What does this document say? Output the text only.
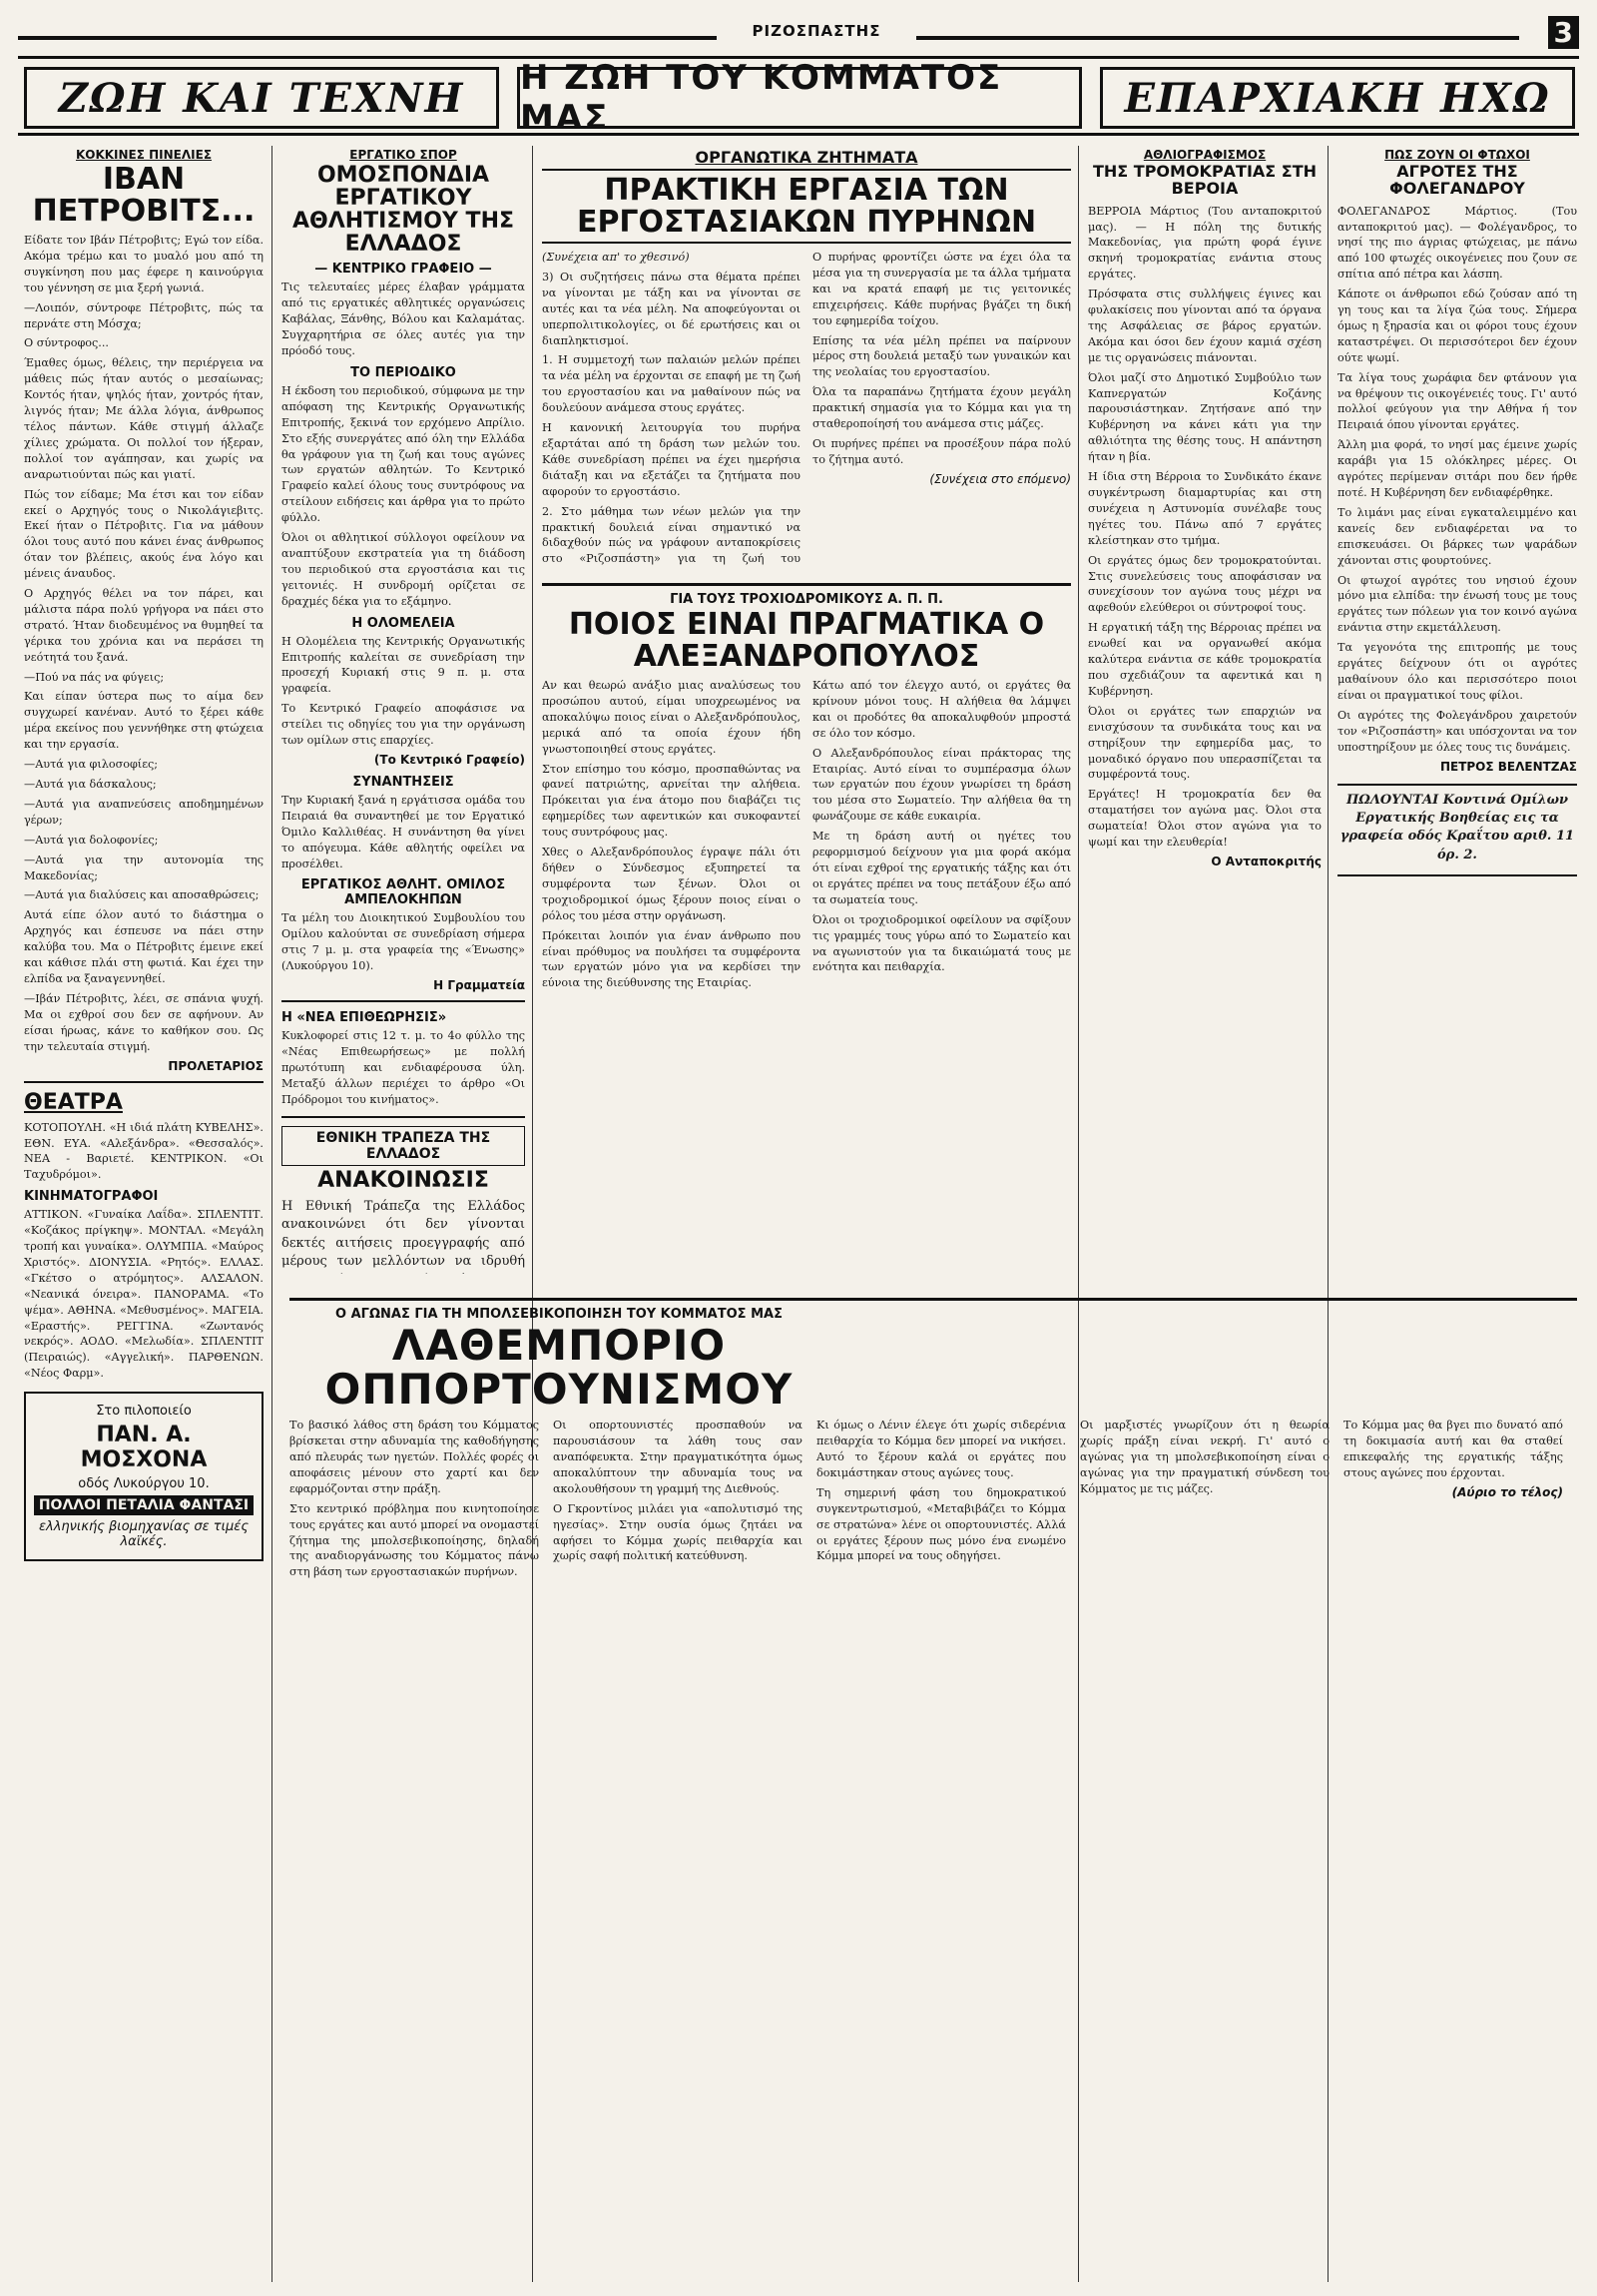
ΡΙΖΟΣΠΑΣΤΗΣ	3
ΖΩΗ ΚΑΙ ΤΕΧΝΗ	Η ΖΩΗ ΤΟΥ ΚΟΜΜΑΤΟΣ ΜΑΣ	ΕΠΑΡΧΙΑΚΗ ΗΧΩ
ΚΟΚΚΙΝΕΣ ΠΙΝΕΛΙΕΣ
ΙΒΑΝ ΠΕΤΡΟΒΙΤΣ...

Είδατε τον Ιβάν Πέτροβιτς; Εγώ τον είδα. Ακόμα τρέμω και το μυαλό μου από τη συγκίνηση που μας έφερε η καινούργια του γέννηση σε μια ξερή γωνιά.

—Λοιπόν, σύντροφε Πέτροβιτς, πώς τα περνάτε στη Μόσχα;

Ο σύντροφος...

Έμαθες όμως, θέλεις, την περιέργεια να μάθεις πώς ήταν αυτός ο μεσαίωνας; Κοντός ήταν, ψηλός ήταν, χοντρός ήταν, λιγνός ήταν; Με άλλα λόγια, άνθρωπος τέλος πάντων. Κάθε στιγμή άλλαζε χίλιες χρώματα. Οι πολλοί τον ήξεραν, πολλοί τον αγάπησαν, και χωρίς να αναρωτιούνται πώς και γιατί.

Πώς τον είδαμε; Μα έτσι και τον είδαν εκεί ο Αρχηγός τους ο Νικολάγιεβιτς. Εκεί ήταν ο Πέτροβιτς. Για να μάθουν όλοι τους αυτό που κάνει ένας άνθρωπος όταν τον βλέπεις, ακούς ένα λόγο και μένεις άναυδος.

Ο Αρχηγός θέλει να τον πάρει, και μάλιστα πάρα πολύ γρήγορα να πάει στο στρατό. Ήταν διοδευμένος να θυμηθεί τα γέρικα του χρόνια και να περάσει τη νεότητά του ξανά.

—Πού να πάς να φύγεις;

Και είπαν ύστερα πως το αίμα δεν συγχωρεί κανέναν. Αυτό το ξέρει κάθε μέρα εκείνος που γεννήθηκε στη φτώχεια και την εργασία.

—Αυτά για φιλοσοφίες;

—Αυτά για δάσκαλους;

—Αυτά για αναπνεύσεις αποδημημένων γέρων;

—Αυτά για δολοφονίες;

—Αυτά για την αυτονομία της Μακεδονίας;

—Αυτά για διαλύσεις και αποσαθρώσεις;

Αυτά είπε όλον αυτό το διάστημα ο Αρχηγός και έσπευσε να πάει στην καλύβα του. Μα ο Πέτροβιτς έμεινε εκεί και κάθισε πλάι στη φωτιά. Και έχει την ελπίδα να ξαναγεννηθεί.

—Ιβάν Πέτροβιτς, λέει, σε σπάνια ψυχή. Μα οι εχθροί σου δεν σε αφήνουν. Αν είσαι ήρωας, κάνε το καθήκον σου. Ως την τελευταία στιγμή.

ΠΡΟΛΕΤΑΡΙΟΣ
ΘΕΑΤΡΑ

ΚΟΤΟΠΟΥΛΗ. «Η ιδιά πλάτη ΚΥΒΕΛΗΣ». ΕΘΝ. ΕΥΑ. «Αλεξάνδρα». «Θεσσαλός». ΝΕΑ - Βαριετέ. ΚΕΝΤΡΙΚΟΝ. «Οι Ταχυδρόμοι».

ΚΙΝΗΜΑΤΟΓΡΑΦΟΙ

ΑΤΤΙΚΟΝ. «Γυναίκα Λαΐδα». ΣΠΛΕΝΤΙΤ. «Κοζάκος πρίγκηψ». ΜΟΝΤΑΛ. «Μεγάλη τροπή και γυναίκα». ΟΛΥΜΠΙΑ. «Μαύρος Χριστός». ΔΙΟΝΥΣΙΑ. «Ρητός». ΕΛΛΑΣ. «Γκέτσο ο ατρόμητος». ΑΛΣΑΛΟΝ. «Νεανικά όνειρα». ΠΑΝΟΡΑΜΑ. «Το ψέμα». ΑΘΗΝΑ. «Μεθυσμένος». ΜΑΓΕΙΑ. «Εραστής». ΡΕΓΓΙΝΑ. «Ζωντανός νεκρός». ΑΟΔΟ. «Μελωδία». ΣΠΛΕΝΤΙΤ (Πειραιώς). «Αγγελική». ΠΑΡΘΕΝΩΝ. «Νέος Φαρμ».

Στο πιλοποιείο
ΠΑΝ. Α. ΜΟΣΧΟΝΑ
οδός Λυκούργου 10.
ΠΟΛΛΟΙ ΠΕΤΑΛΙΑ ΦΑΝΤΑΣΙ
ελληνικής βιομηχανίας σε τιμές λαϊκές.
ΕΡΓΑΤΙΚΟ ΣΠΟΡ
ΟΜΟΣΠΟΝΔΙΑ ΕΡΓΑΤΙΚΟΥ ΑΘΛΗΤΙΣΜΟΥ ΤΗΣ ΕΛΛΑΔΟΣ
— ΚΕΝΤΡΙΚΟ ΓΡΑΦΕΙΟ —

Τις τελευταίες μέρες έλαβαν γράμματα από τις εργατικές αθλητικές οργανώσεις Καβάλας, Ξάνθης, Βόλου και Καλαμάτας. Συγχαρητήρια σε όλες αυτές για την πρόοδό τους.

ΤΟ ΠΕΡΙΟΔΙΚΟ

Η έκδοση του περιοδικού, σύμφωνα με την απόφαση της Κεντρικής Οργανωτικής Επιτροπής, ξεκινά τον ερχόμενο Απρίλιο. Στο εξής συνεργάτες από όλη την Ελλάδα θα γράφουν για τη ζωή και τους αγώνες των εργατών αθλητών. Το Κεντρικό Γραφείο καλεί όλους τους συντρόφους να στείλουν ειδήσεις και άρθρα για το πρώτο φύλλο.

Όλοι οι αθλητικοί σύλλογοι οφείλουν να αναπτύξουν εκστρατεία για τη διάδοση του περιοδικού στα εργοστάσια και τις γειτονιές. Η συνδρομή ορίζεται σε δραχμές δέκα για το εξάμηνο.

Η ΟΛΟΜΕΛΕΙΑ

Η Ολομέλεια της Κεντρικής Οργανωτικής Επιτροπής καλείται σε συνεδρίαση την προσεχή Κυριακή στις 9 π. μ. στα γραφεία.

Το Κεντρικό Γραφείο αποφάσισε να στείλει τις οδηγίες του για την οργάνωση των ομίλων στις επαρχίες.

(Το Κεντρικό Γραφείο)
ΣΥΝΑΝΤΗΣΕΙΣ

Την Κυριακή ξανά η εργάτισσα ομάδα του Πειραιά θα συναντηθεί με τον Εργατικό Όμιλο Καλλιθέας. Η συνάντηση θα γίνει το απόγευμα. Κάθε αθλητής οφείλει να προσέλθει.

ΕΡΓΑΤΙΚΟΣ ΑΘΛΗΤ. ΟΜΙΛΟΣ ΑΜΠΕΛΟΚΗΠΩΝ

Τα μέλη του Διοικητικού Συμβουλίου του Ομίλου καλούνται σε συνεδρίαση σήμερα στις 7 μ. μ. στα γραφεία της «Ένωσης» (Λυκούργου 10).

Η Γραμματεία
Η «ΝΕΑ ΕΠΙΘΕΩΡΗΣΙΣ»

Κυκλοφορεί στις 12 τ. μ. το 4ο φύλλο της «Νέας Επιθεωρήσεως» με πολλή πρωτότυπη και ενδιαφέρουσα ύλη. Μεταξύ άλλων περιέχει το άρθρο «Οι Πρόδρομοι του κινήματος».

ΕΘΝΙΚΗ ΤΡΑΠΕΖΑ ΤΗΣ ΕΛΛΑΔΟΣ
ΑΝΑΚΟΙΝΩΣΙΣ

Η Εθνική Τράπεζα της Ελλάδος ανακοινώνει ότι δεν γίνονται δεκτές αιτήσεις προεγγραφής από μέρους των μελλόντων να ιδρυθή

ΟΡΓΑΝΩΤΙΚΑ ΖΗΤΗΜΑΤΑ
ΠΡΑΚΤΙΚΗ ΕΡΓΑΣΙΑ ΤΩΝ ΕΡΓΟΣΤΑΣΙΑΚΩΝ ΠΥΡΗΝΩΝ

(Συνέχεια απ' το χθεσινό)

3) Οι συζητήσεις πάνω στα θέματα πρέπει να γίνονται με τάξη και να γίνονται σε αυτές και τα νέα μέλη. Να αποφεύγονται οι υπερπολιτικολογίες, οι δέ ερωτήσεις και οι διαπληκτισμοί.

1. Η συμμετοχή των παλαιών μελών πρέπει τα νέα μέλη να έρχονται σε επαφή με τη ζωή του εργοστασίου και να μαθαίνουν πώς να δουλεύουν ανάμεσα στους εργάτες.

Η κανονική λειτουργία του πυρήνα εξαρτάται από τη δράση των μελών του. Κάθε συνεδρίαση πρέπει να έχει ημερήσια διάταξη και να εξετάζει τα ζητήματα που αφορούν το εργοστάσιο.

2. Στο μάθημα των νέων μελών για την πρακτική δουλειά είναι σημαντικό να διδαχθούν πώς να γράφουν ανταποκρίσεις στο «Ριζοσπάστη» για τη ζωή του

Ο πυρήνας φροντίζει ώστε να έχει όλα τα μέσα για τη συνεργασία με τα άλλα τμήματα και να κρατά επαφή με τις γειτονικές επιχειρήσεις. Κάθε πυρήνας βγάζει τη δική του εφημερίδα τοίχου.

Επίσης τα νέα μέλη πρέπει να παίρνουν μέρος στη δουλειά μεταξύ των γυναικών και της νεολαίας του εργοστασίου.

Όλα τα παραπάνω ζητήματα έχουν μεγάλη πρακτική σημασία για το Κόμμα και για τη σταθεροποίησή του ανάμεσα στις μάζες.

Οι πυρήνες πρέπει να προσέξουν πάρα πολύ το ζήτημα αυτό.

(Συνέχεια στο επόμενο)
ΓΙΑ ΤΟΥΣ ΤΡΟΧΙΟΔΡΟΜΙΚΟΥΣ Α. Π. Π.
ΠΟΙΟΣ ΕΙΝΑΙ ΠΡΑΓΜΑΤΙΚΑ Ο ΑΛΕΞΑΝΔΡΟΠΟΥΛΟΣ

Αν και θεωρώ ανάξιο μιας αναλύσεως του προσώπου αυτού, είμαι υποχρεωμένος να αποκαλύψω ποιος είναι ο Αλεξανδρόπουλος, μερικά από τα οποία έχουν ήδη γνωστοποιηθεί στους εργάτες.

Στον επίσημο του κόσμο, προσπαθώντας να φανεί πατριώτης, αρνείται την αλήθεια. Πρόκειται για ένα άτομο που διαβάζει τις εφημερίδες των αφεντικών και συκοφαντεί τους συντρόφους μας.

Χθες ο Αλεξανδρόπουλος έγραψε πάλι ότι δήθεν ο Σύνδεσμος εξυπηρετεί τα συμφέροντα των ξένων. Όλοι οι τροχιοδρομικοί όμως ξέρουν ποιος είναι ο ρόλος του μέσα στην οργάνωση.

Πρόκειται λοιπόν για έναν άνθρωπο που είναι πρόθυμος να πουλήσει τα συμφέροντα των εργατών μόνο για να κερδίσει την εύνοια της διεύθυνσης της Εταιρίας.

Κάτω από τον έλεγχο αυτό, οι εργάτες θα κρίνουν μόνοι τους. Η αλήθεια θα λάμψει και οι προδότες θα αποκαλυφθούν μπροστά σε όλο τον κόσμο.

Ο Αλεξανδρόπουλος είναι πράκτορας της Εταιρίας. Αυτό είναι το συμπέρασμα όλων των εργατών που έχουν γνωρίσει τη δράση του μέσα στο Σωματείο. Την αλήθεια θα τη φωνάζουμε σε κάθε ευκαιρία.

Με τη δράση αυτή οι ηγέτες του ρεφορμισμού δείχνουν για μια φορά ακόμα ότι είναι εχθροί της εργατικής τάξης και ότι οι εργάτες πρέπει να τους πετάξουν έξω από τα σωματεία τους.

Όλοι οι τροχιοδρομικοί οφείλουν να σφίξουν τις γραμμές τους γύρω από το Σωματείο και να αγωνιστούν για τα δικαιώματά τους με ενότητα και πειθαρχία.

ΑΘΛΙΟΓΡΑΦΙΣΜΟΣ
ΤΗΣ ΤΡΟΜΟΚΡΑΤΙΑΣ ΣΤΗ ΒΕΡΟΙΑ

ΒΕΡΡΟΙΑ Μάρτιος (Του ανταποκριτού μας). — Η πόλη της δυτικής Μακεδονίας, για πρώτη φορά έγινε σκηνή τρομοκρατίας ενάντια στους εργάτες.

Πρόσφατα στις συλλήψεις έγινες και φυλακίσεις που γίνονται από τα όργανα της Ασφάλειας σε βάρος εργατών. Ακόμα και όσοι δεν έχουν καμιά σχέση με τις οργανώσεις πιάνονται.

Όλοι μαζί στο Δημοτικό Συμβούλιο των Καπνεργατών Κοζάνης παρουσιάστηκαν. Ζητήσανε από την Κυβέρνηση να κάνει κάτι για την αθλιότητα της θέσης τους. Η απάντηση ήταν η βία.

Η ίδια στη Βέρροια το Συνδικάτο έκανε συγκέντρωση διαμαρτυρίας και στη συνέχεια η Αστυνομία συνέλαβε τους ηγέτες του. Πάνω από 7 εργάτες κλείστηκαν στο τμήμα.

Οι εργάτες όμως δεν τρομοκρατούνται. Στις συνελεύσεις τους αποφάσισαν να συνεχίσουν τον αγώνα τους μέχρι να αφεθούν ελεύθεροι οι σύντροφοί τους.

Η εργατική τάξη της Βέρροιας πρέπει να ενωθεί και να οργανωθεί ακόμα καλύτερα ενάντια σε κάθε τρομοκρατία που σχεδιάζουν τα αφεντικά και η Κυβέρνηση.

Όλοι οι εργάτες των επαρχιών να ενισχύσουν τα συνδικάτα τους και να στηρίξουν την εφημερίδα μας, το μοναδικό όργανο που υπερασπίζεται τα συμφέροντά τους.

Εργάτες! Η τρομοκρατία δεν θα σταματήσει τον αγώνα μας. Όλοι στα σωματεία! Όλοι στον αγώνα για το ψωμί και την ελευθερία!

Ο Ανταποκριτής
ΠΩΣ ΖΟΥΝ ΟΙ ΦΤΩΧΟΙ
ΑΓΡΟΤΕΣ ΤΗΣ ΦΟΛΕΓΑΝΔΡΟΥ

ΦΟΛΕΓΑΝΔΡΟΣ Μάρτιος. (Του ανταποκριτού μας). — Φολέγανδρος, το νησί της πιο άγριας φτώχειας, με πάνω από 100 φτωχές οικογένειες που ζουν σε σπίτια από πέτρα και λάσπη.

Κάποτε οι άνθρωποι εδώ ζούσαν από τη γη τους και τα λίγα ζώα τους. Σήμερα όμως η ξηρασία και οι φόροι τους έχουν καταστρέψει. Οι περισσότεροι δεν έχουν ούτε ψωμί.

Τα λίγα τους χωράφια δεν φτάνουν για να θρέψουν τις οικογένειές τους. Γι' αυτό πολλοί φεύγουν για την Αθήνα ή τον Πειραιά όπου γίνονται εργάτες.

Άλλη μια φορά, το νησί μας έμεινε χωρίς καράβι για 15 ολόκληρες μέρες. Οι αγρότες περίμεναν σιτάρι που δεν ήρθε ποτέ. Η Κυβέρνηση δεν ενδιαφέρθηκε.

Το λιμάνι μας είναι εγκαταλειμμένο και κανείς δεν ενδιαφέρεται να το επισκευάσει. Οι βάρκες των ψαράδων χάνονται στις φουρτούνες.

Οι φτωχοί αγρότες του νησιού έχουν μόνο μια ελπίδα: την ένωσή τους με τους εργάτες των πόλεων για τον κοινό αγώνα ενάντια στην εκμετάλλευση.

Τα γεγονότα της επιτροπής με τους εργάτες δείχνουν ότι οι αγρότες μαθαίνουν όλο και περισσότερο ποιοι είναι οι πραγματικοί τους φίλοι.

Οι αγρότες της Φολεγάνδρου χαιρετούν τον «Ριζοσπάστη» και υπόσχονται να τον υποστηρίξουν με όλες τους τις δυνάμεις.

ΠΕΤΡΟΣ ΒΕΛΕΝΤΖΑΣ

ΠΩΛΟΥΝΤΑΙ Κοντινά Ομίλων Εργατικής Βοηθείας εις τα γραφεία οδός Κραΐτου αριθ. 11 όρ. 2.

Ο ΑΓΩΝΑΣ ΓΙΑ ΤΗ ΜΠΟΛΣΕΒΙΚΟΠΟΙΗΣΗ ΤΟΥ ΚΟΜΜΑΤΟΣ ΜΑΣ
ΛΑΘΕΜΠΟΡΙΟ ΟΠΠΟΡΤΟΥΝΙΣΜΟΥ

Το βασικό λάθος στη δράση του Κόμματος βρίσκεται στην αδυναμία της καθοδήγησης από πλευράς των ηγετών. Πολλές φορές οι αποφάσεις μένουν στο χαρτί και δεν εφαρμόζονται στην πράξη.

Στο κεντρικό πρόβλημα που κινητοποίησε τους εργάτες και αυτό μπορεί να ονομαστεί ζήτημα της μπολσεβικοποίησης, δηλαδή της αναδιοργάνωσης του Κόμματος πάνω στη βάση των εργοστασιακών πυρήνων.

Οι οπορτουνιστές προσπαθούν να παρουσιάσουν τα λάθη τους σαν αναπόφευκτα. Στην πραγματικότητα όμως αποκαλύπτουν την αδυναμία τους να ακολουθήσουν τη γραμμή της Διεθνούς.

Ο Γκροντίνος μιλάει για «απολυτισμό της ηγεσίας». Στην ουσία όμως ζητάει να αφήσει το Κόμμα χωρίς πειθαρχία και χωρίς σαφή πολιτική κατεύθυνση.

Κι όμως ο Λένιν έλεγε ότι χωρίς σιδερένια πειθαρχία το Κόμμα δεν μπορεί να νικήσει. Αυτό το ξέρουν καλά οι εργάτες που δοκιμάστηκαν στους αγώνες τους.

Τη σημερινή φάση του δημοκρατικού συγκεντρωτισμού, «Μεταβιβάζει το Κόμμα σε στρατώνα» λένε οι οπορτουνιστές. Αλλά οι εργάτες ξέρουν πως μόνο ένα ενωμένο Κόμμα μπορεί να τους οδηγήσει.

Οι μαρξιστές γνωρίζουν ότι η θεωρία χωρίς πράξη είναι νεκρή. Γι' αυτό ο αγώνας για τη μπολσεβικοποίηση είναι ο αγώνας για την πραγματική σύνδεση του Κόμματος με τις μάζες.

Το Κόμμα μας θα βγει πιο δυνατό από τη δοκιμασία αυτή και θα σταθεί επικεφαλής της εργατικής τάξης στους αγώνες που έρχονται.

(Αύριο το τέλος)
